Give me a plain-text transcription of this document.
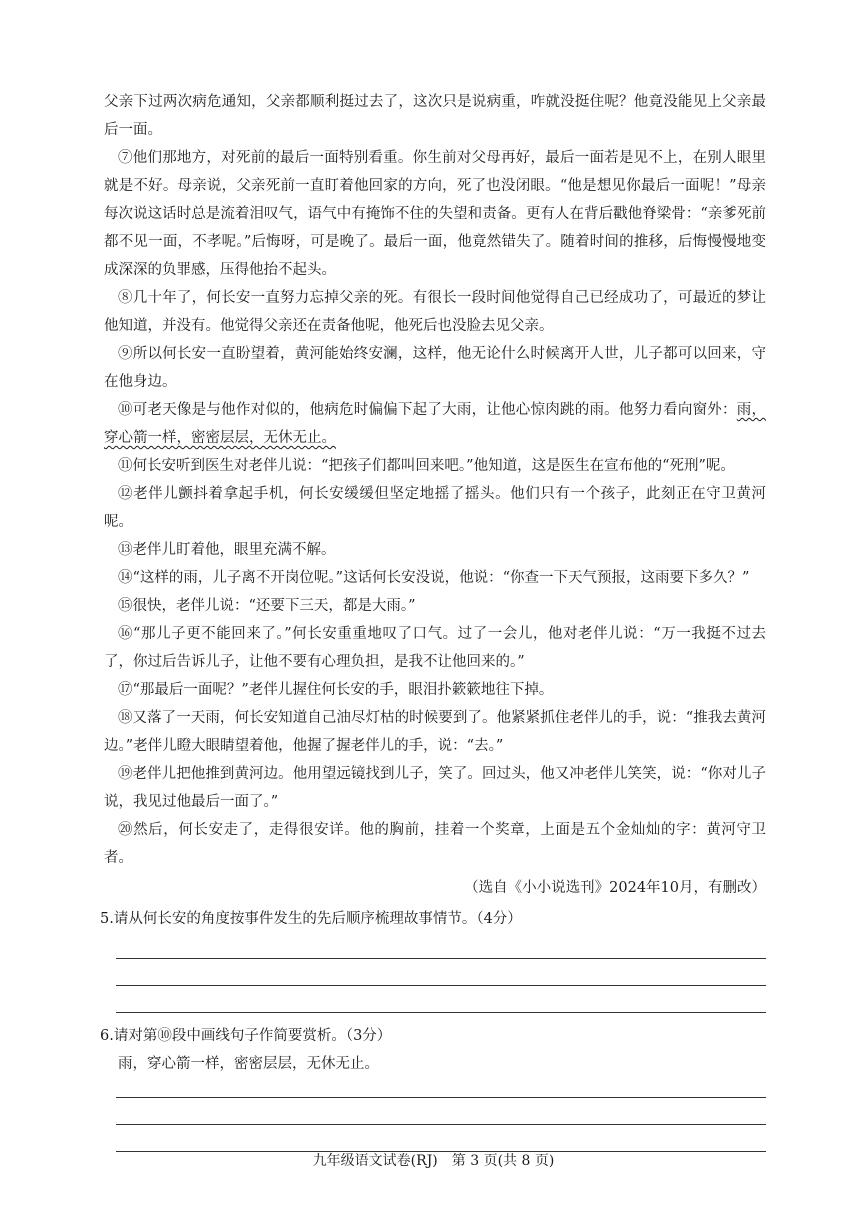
父亲下过两次病危通知，父亲都顺利挺过去了，这次只是说病重，咋就没挺住呢？他竟没能见上父亲最后一面。

⑦他们那地方，对死前的最后一面特别看重。你生前对父母再好，最后一面若是见不上，在别人眼里就是不好。母亲说，父亲死前一直盯着他回家的方向，死了也没闭眼。“他是想见你最后一面呢！”母亲每次说这话时总是流着泪叹气，语气中有掩饰不住的失望和责备。更有人在背后戳他脊梁骨：“亲爹死前都不见一面，不孝呢。”后悔呀，可是晚了。最后一面，他竟然错失了。随着时间的推移，后悔慢慢地变成深深的负罪感，压得他抬不起头。

⑧几十年了，何长安一直努力忘掉父亲的死。有很长一段时间他觉得自己已经成功了，可最近的梦让他知道，并没有。他觉得父亲还在责备他呢，他死后也没脸去见父亲。

⑨所以何长安一直盼望着，黄河能始终安澜，这样，他无论什么时候离开人世，儿子都可以回来，守在他身边。

⑩可老天像是与他作对似的，他病危时偏偏下起了大雨，让他心惊肉跳的雨。他努力看向窗外：雨，穿心箭一样，密密层层，无休无止。

⑪何长安听到医生对老伴儿说：“把孩子们都叫回来吧。”他知道，这是医生在宣布他的“死刑”呢。

⑫老伴儿颤抖着拿起手机，何长安缓缓但坚定地摇了摇头。他们只有一个孩子，此刻正在守卫黄河呢。

⑬老伴儿盯着他，眼里充满不解。

⑭“这样的雨，儿子离不开岗位呢。”这话何长安没说，他说：“你查一下天气预报，这雨要下多久？”

⑮很快，老伴儿说：“还要下三天，都是大雨。”

⑯“那儿子更不能回来了。”何长安重重地叹了口气。过了一会儿，他对老伴儿说：“万一我挺不过去了，你过后告诉儿子，让他不要有心理负担，是我不让他回来的。”

⑰“那最后一面呢？”老伴儿握住何长安的手，眼泪扑簌簌地往下掉。

⑱又落了一天雨，何长安知道自己油尽灯枯的时候要到了。他紧紧抓住老伴儿的手，说：“推我去黄河边。”老伴儿瞪大眼睛望着他，他握了握老伴儿的手，说：“去。”

⑲老伴儿把他推到黄河边。他用望远镜找到儿子，笑了。回过头，他又冲老伴儿笑笑，说：“你对儿子说，我见过他最后一面了。”

⑳然后，何长安走了，走得很安详。他的胸前，挂着一个奖章，上面是五个金灿灿的字：黄河守卫者。

（选自《小小说选刊》2024年10月，有删改）

5.请从何长安的角度按事件发生的先后顺序梳理故事情节。（4分）

6.请对第⑩段中画线句子作简要赏析。（3分）

雨，穿心箭一样，密密层层，无休无止。

九年级语文试卷(RJ)　第 3 页(共 8 页)
